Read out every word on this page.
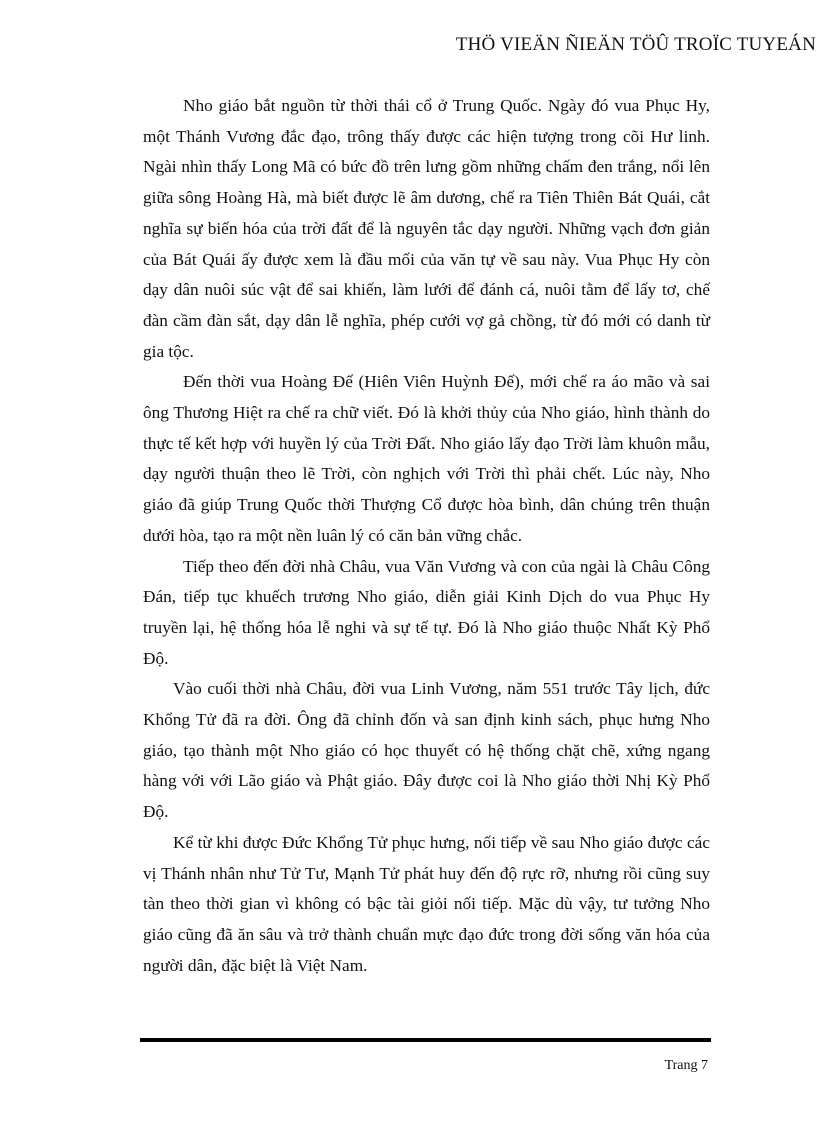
THÖ VIEÄN ÑIEÄN TÖÛ TROÏC TUYEÁN

Nho giáo bắt nguồn từ thời thái cổ ở Trung Quốc. Ngày đó vua Phục Hy, một Thánh Vương đắc đạo, trông thấy được các hiện tượng trong cõi Hư linh. Ngài nhìn thấy Long Mã có bức đồ trên lưng gồm những chấm đen trắng, nổi lên giữa sông Hoàng Hà, mà biết được lẽ âm dương, chế ra Tiên Thiên Bát Quái, cắt nghĩa sự biến hóa của trời đất để là nguyên tắc dạy người. Những vạch đơn giản của Bát Quái ấy được xem là đầu mối của văn tự về sau này. Vua Phục Hy còn dạy dân nuôi súc vật để sai khiến, làm lưới để đánh cá, nuôi tằm để lấy tơ, chế đàn cầm đàn sắt, dạy dân lễ nghĩa, phép cưới vợ gả chồng, từ đó mới có danh từ gia tộc.

Đến thời vua Hoàng Đế (Hiên Viên Huỳnh Đế), mới chế ra áo mão và sai ông Thương Hiệt ra chế ra chữ viết. Đó là khởi thủy của Nho giáo, hình thành do thực tế kết hợp với huyền lý của Trời Đất. Nho giáo lấy đạo Trời làm khuôn mẫu, dạy người thuận theo lẽ Trời, còn nghịch với Trời thì phải chết. Lúc này, Nho giáo đã giúp Trung Quốc thời Thượng Cổ được hòa bình, dân chúng trên thuận dưới hòa, tạo ra một nền luân lý có căn bản vững chắc.

Tiếp theo đến đời nhà Châu, vua Văn Vương và con của ngài là Châu Công Đán, tiếp tục khuếch trương Nho giáo, diễn giải Kinh Dịch do vua Phục Hy truyền lại, hệ thống hóa lễ nghi và sự tế tự. Đó là Nho giáo thuộc Nhất Kỳ Phổ Độ.

Vào cuối thời nhà Châu, đời vua Linh Vương, năm 551 trước Tây lịch, đức Khổng Tử đã ra đời. Ông đã chỉnh đốn và san định kinh sách, phục hưng Nho giáo, tạo thành một Nho giáo có học thuyết có hệ thống chặt chẽ, xứng ngang hàng với với Lão giáo và Phật giáo. Đây được coi là Nho giáo thời Nhị Kỳ Phổ Độ.

Kể từ khi được Đức Khổng Tử phục hưng, nối tiếp về sau Nho giáo được các vị Thánh nhân như Tử Tư, Mạnh Tử phát huy đến độ rực rỡ, nhưng rồi cũng suy tàn theo thời gian vì không có bậc tài giỏi nối tiếp. Mặc dù vậy, tư tưởng Nho giáo cũng đã ăn sâu và trở thành chuẩn mực đạo đức trong đời sống văn hóa của người dân, đặc biệt là Việt Nam.

Trang 7
